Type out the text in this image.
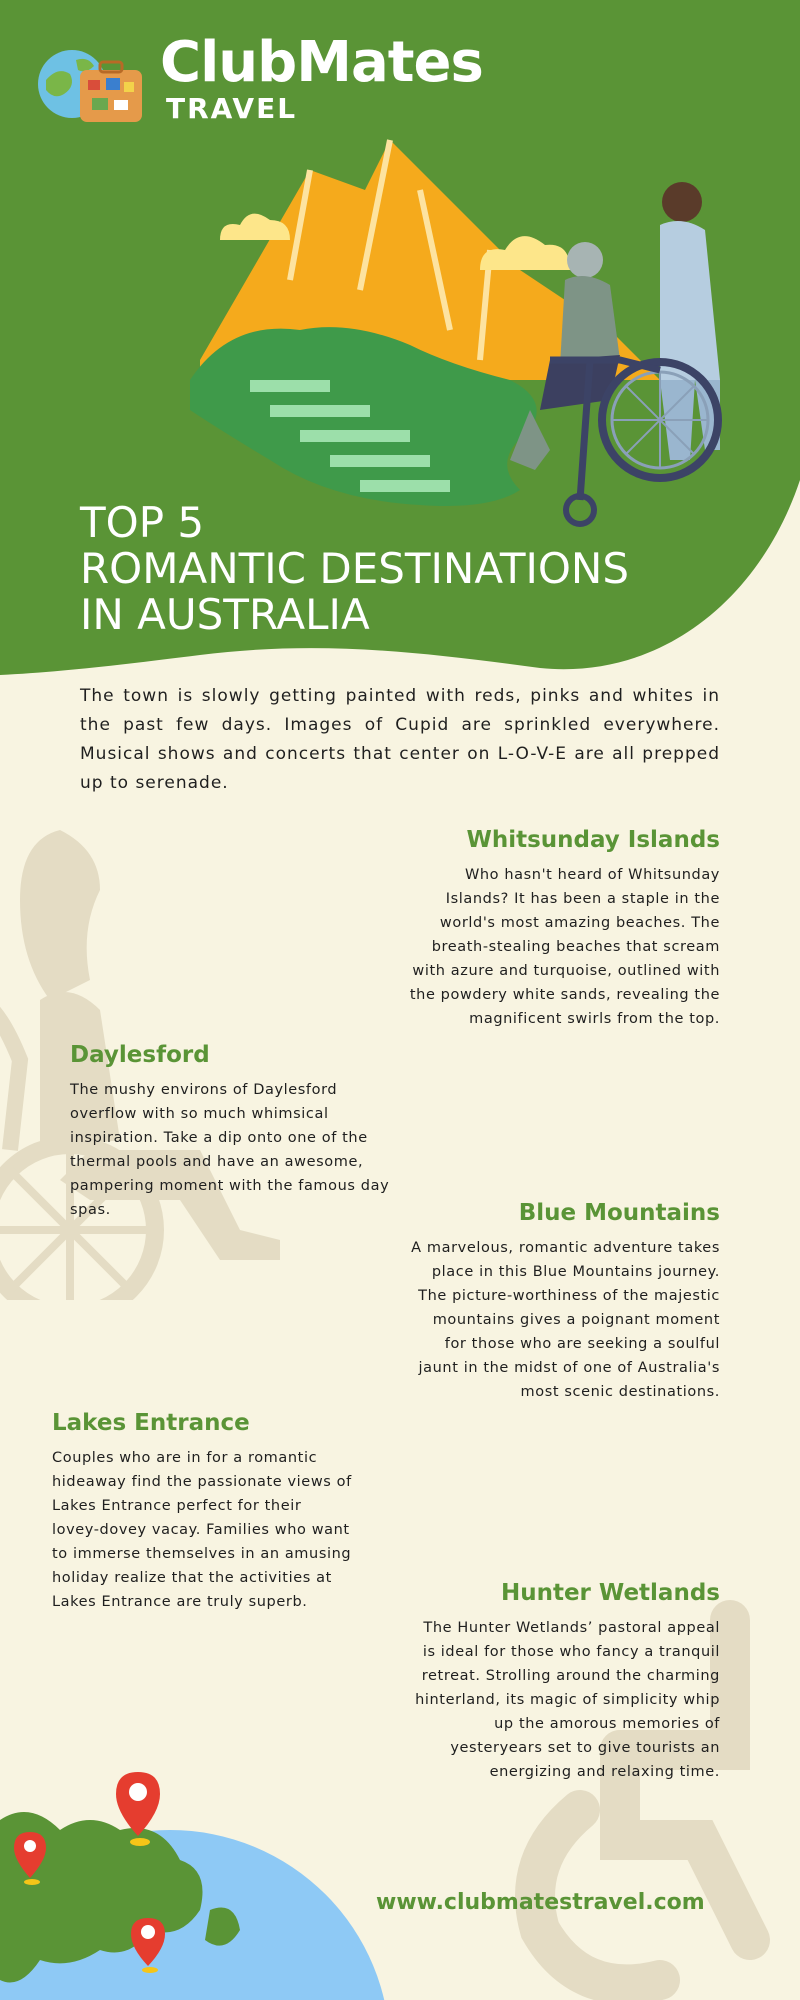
ClubMates
TRAVEL
TOP 5
ROMANTIC DESTINATIONS
IN AUSTRALIA

The town is slowly getting painted with reds, pinks and whites in the past few days. Images of Cupid are sprinkled everywhere. Musical shows and concerts that center on L-O-V-E are all prepped up to serenade.

Whitsunday Islands

Who hasn't heard of Whitsunday Islands? It has been a staple in the world's most amazing beaches. The breath-stealing beaches that scream with azure and turquoise, outlined with the powdery white sands, revealing the magnificent swirls from the top.

Daylesford

The mushy environs of Daylesford overflow with so much whimsical inspiration. Take a dip onto one of the thermal pools and have an awesome, pampering moment with the famous day spas.	Blue Mountains

A marvelous, romantic adventure takes place in this Blue Mountains journey. The picture-worthiness of the majestic mountains gives a poignant moment for those who are seeking a soulful jaunt in the midst of one of Australia's most scenic destinations.

Lakes Entrance

Couples who are in for a romantic hideaway find the passionate views of Lakes Entrance perfect for their lovey-dovey vacay. Families who want to immerse themselves in an amusing holiday realize that the activities at Lakes Entrance are truly superb.	Hunter Wetlands

The Hunter Wetlands’ pastoral appeal is ideal for those who fancy a tranquil retreat. Strolling around the charming hinterland, its magic of simplicity whip up the amorous memories of yesteryears set to give tourists an energizing and relaxing time.

www.clubmatestravel.com
